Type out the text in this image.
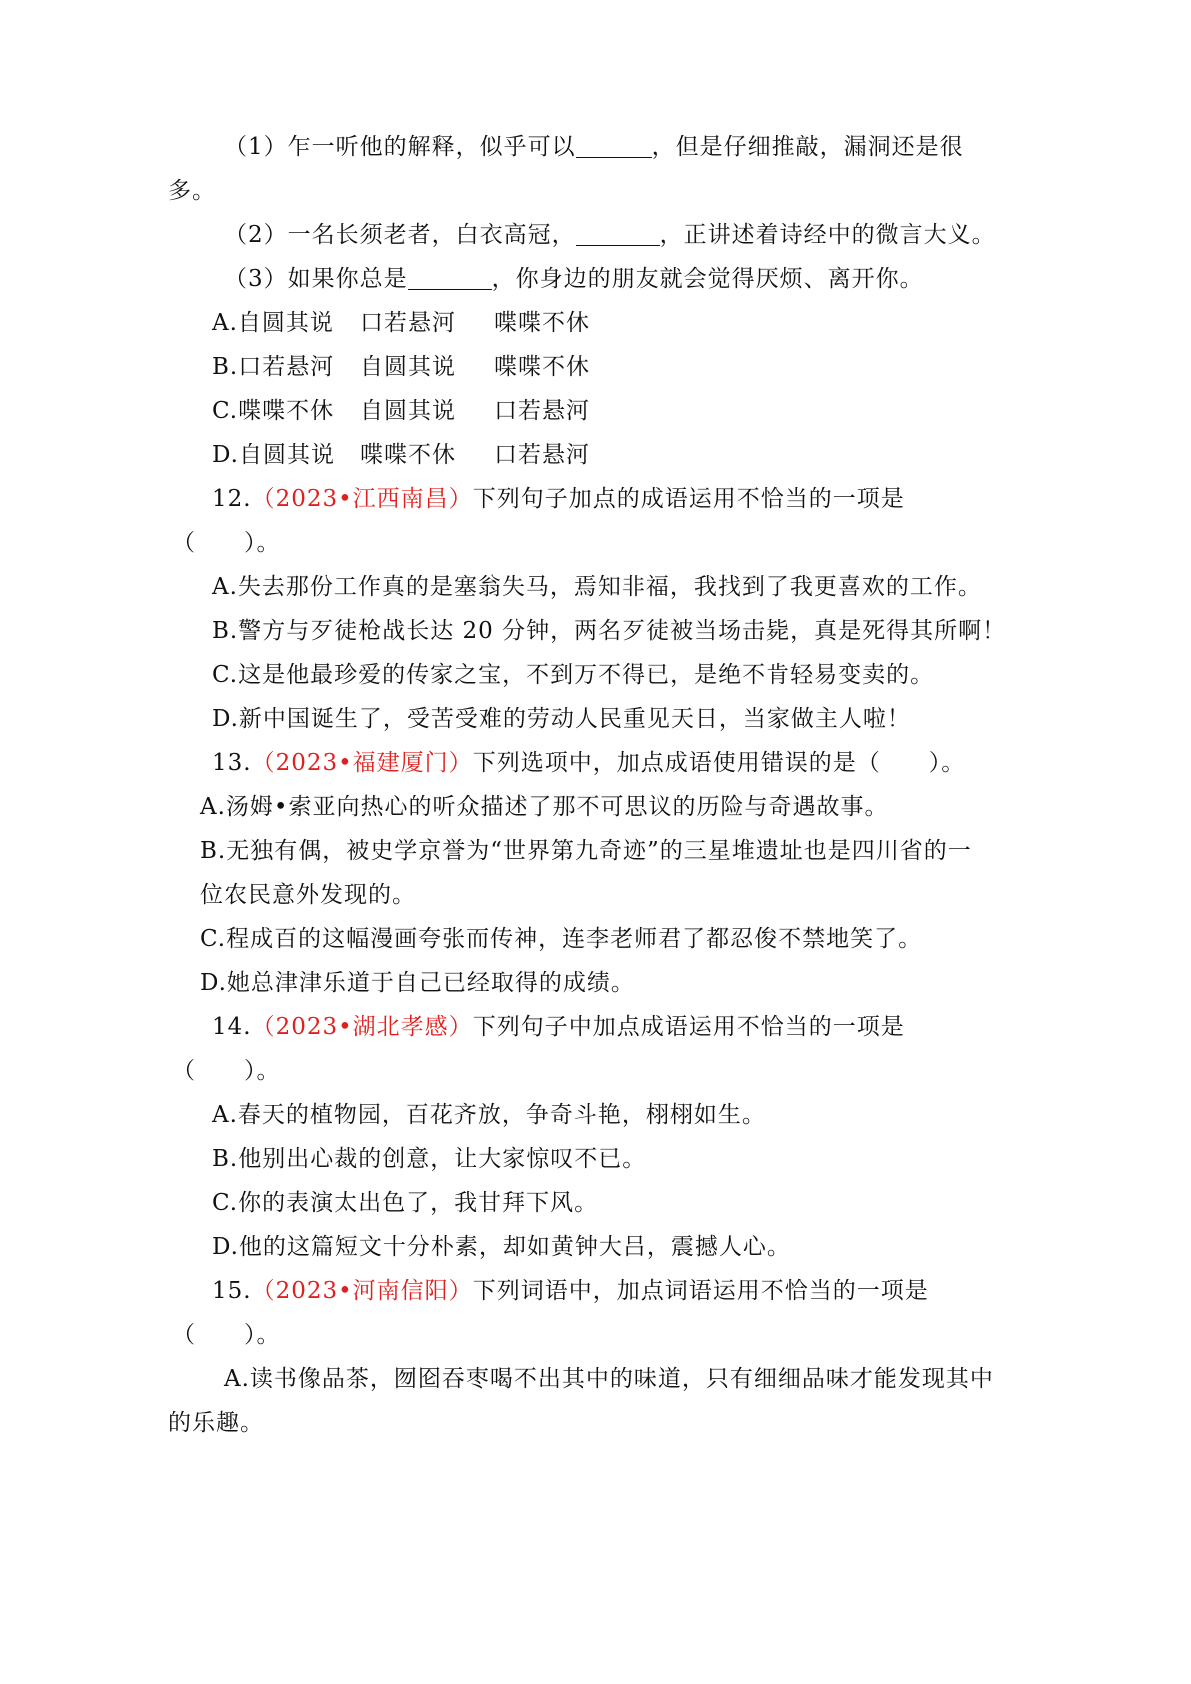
（1）乍一听他的解释，似乎可以	，但是仔细推敲，漏洞还是很
多。
（2）一名长须老者，白衣高冠，	，正讲述着诗经中的微言大义。
（3）如果你总是	，你身边的朋友就会觉得厌烦、离开你。
A.自圆其说 口若悬河 喋喋不休
B.口若悬河 自圆其说 喋喋不休
C.喋喋不休 自圆其说 口若悬河
D.自圆其说 喋喋不休 口若悬河
12.（2023•江西南昌）下列句子加点的成语运用不恰当的一项是
（　　）。
A.失去那份工作真的是塞翁失马，焉知非福，我找到了我更喜欢的工作。
B.警方与歹徒枪战长达 20 分钟，两名歹徒被当场击毙，真是死得其所啊！
C.这是他最珍爱的传家之宝，不到万不得已，是绝不肯轻易变卖的。
D.新中国诞生了，受苦受难的劳动人民重见天日，当家做主人啦！
13.（2023•福建厦门）下列选项中，加点成语使用错误的是（　　）。
A.汤姆•索亚向热心的听众描述了那不可思议的历险与奇遇故事。
B.无独有偶，被史学京誉为“世界第九奇迹”的三星堆遗址也是四川省的一
位农民意外发现的。
C.程成百的这幅漫画夸张而传神，连李老师君了都忍俊不禁地笑了。
D.她总津津乐道于自己已经取得的成绩。
14.（2023•湖北孝感）下列句子中加点成语运用不恰当的一项是
（　　）。
A.春天的植物园，百花齐放，争奇斗艳，栩栩如生。
B.他别出心裁的创意，让大家惊叹不已。
C.你的表演太出色了，我甘拜下风。
D.他的这篇短文十分朴素，却如黄钟大吕，震撼人心。
15.（2023•河南信阳）下列词语中，加点词语运用不恰当的一项是
（　　）。
A.读书像品茶，囫囵吞枣喝不出其中的味道，只有细细品味才能发现其中
的乐趣。
